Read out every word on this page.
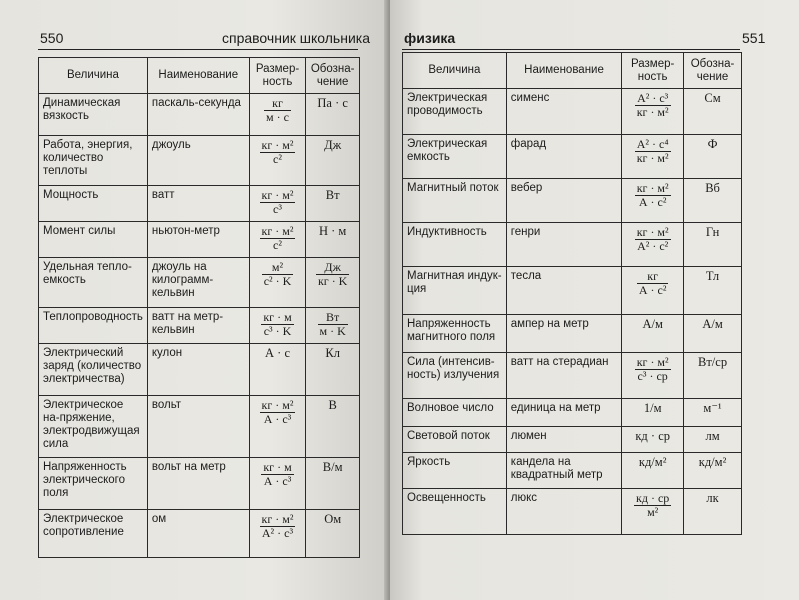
550	справочник школьника
Величина	Наименование	Размер-ность	Обозна-чение
Динамическая вязкость	паскаль-секунда	$\frac{кг}{м \cdot с}$	Па · с
Работа, энергия, количество теплоты	джоуль	$\frac{\text{кг · м²}}{\text{с²}}$	Дж
Мощность	ватт	$\frac{\text{кг · м²}}{\text{с³}}$	Вт
Момент силы	ньютон-метр	$\frac{\text{кг · м²}}{\text{с²}}$	Н · м
Удельная тепло-емкость	джоуль на килограмм-кельвин	$\frac{\text{м²}}{\text{с² · K}}$	$\frac{Дж}{кг \cdot K}$

Теплопроводность	ватт на метр-кельвин	$\frac{кг \cdot м}{\text{с³ · K}}$	$\frac{Вт}{м \cdot K}$

Электрический заряд (количество электричества)	кулон	А · с	Кл
Электрическое на-пряжение, электродвижущая сила	вольт	$\frac{\text{кг · м²}}{\text{А · с³}}$	В
Напряженность электрического поля	вольт на метр	$\frac{кг \cdot м}{\text{А · с³}}$	В/м
Электрическое сопротивление	ом	$\frac{\text{кг · м²}}{\text{А² · с³}}$	Ом
физика	551
Величина	Наименование	Размер-ность	Обозна-чение
Электрическая проводимость	сименс	$\frac{\text{А² · с³}}{\text{кг · м²}}$	См
Электрическая емкость	фарад	$\frac{\text{А² · с⁴}}{\text{кг · м²}}$	Ф
Магнитный поток	вебер	$\frac{\text{кг · м²}}{\text{А · с²}}$	Вб
Индуктивность	генри	$\frac{\text{кг · м²}}{\text{А² · с²}}$	Гн
Магнитная индук-ция	тесла	$\frac{кг}{\text{А · с²}}$	Тл
Напряженность магнитного поля	ампер на метр	А/м	А/м
Сила (интенсив-ность) излучения	ватт на стерадиан	$\frac{\text{кг · м²}}{\text{с³ · ср}}$	Вт/ср
Волновое число	единица на метр	1/м	м⁻¹
Световой поток	люмен	кд · ср	лм
Яркость	кандела на квадратный метр	кд/м²	кд/м²
Освещенность	люкс	$\frac{кд \cdot ср}{\text{м²}}$	лк
